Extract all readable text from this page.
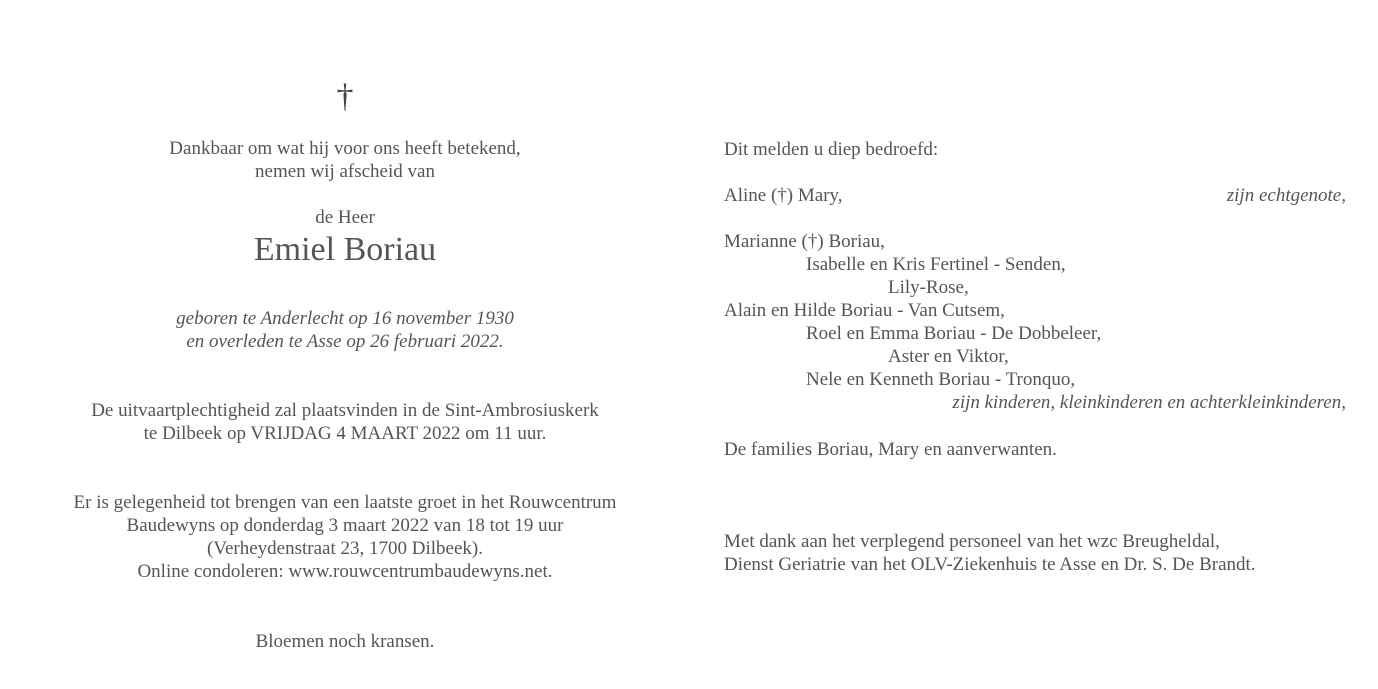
†
Dankbaar om wat hij voor ons heeft betekend,
nemen wij afscheid van
de Heer
Emiel Boriau
geboren te Anderlecht op 16 november 1930
en overleden te Asse op 26 februari 2022.
De uitvaartplechtigheid zal plaatsvinden in de Sint-Ambrosiuskerk
te Dilbeek op VRIJDAG 4 MAART 2022 om 11 uur.
Er is gelegenheid tot brengen van een laatste groet in het Rouwcentrum
Baudewyns op donderdag 3 maart 2022 van 18 tot 19 uur
(Verheydenstraat 23, 1700 Dilbeek).
Online condoleren: www.rouwcentrumbaudewyns.net.
Bloemen noch kransen.
Dit melden u diep bedroefd:
Aline (†) Mary,	zijn echtgenote,
Marianne (†) Boriau,
Isabelle en Kris Fertinel - Senden,
Lily-Rose,
Alain en Hilde Boriau - Van Cutsem,
Roel en Emma Boriau - De Dobbeleer,
Aster en Viktor,
Nele en Kenneth Boriau - Tronquo,
zijn kinderen, kleinkinderen en achterkleinkinderen,
De families Boriau, Mary en aanverwanten.
Met dank aan het verplegend personeel van het wzc Breugheldal,
Dienst Geriatrie van het OLV-Ziekenhuis te Asse en Dr. S. De Brandt.
